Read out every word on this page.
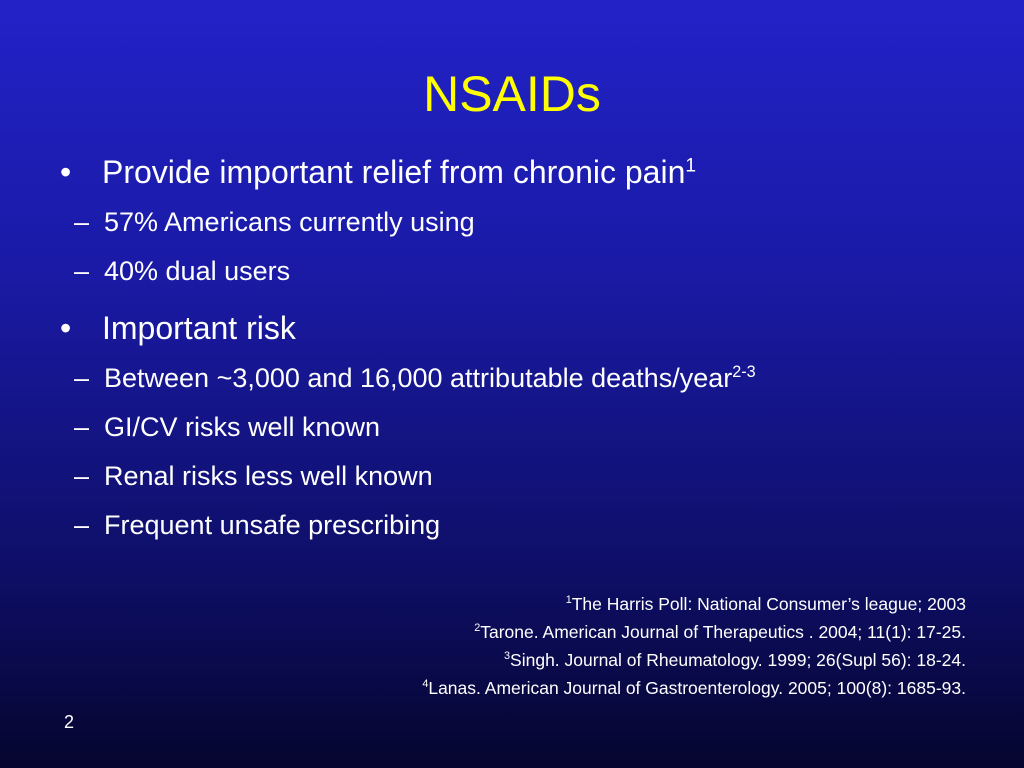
NSAIDs
• Provide important relief from chronic pain$^1$
– 57% Americans currently using
– 40% dual users
• Important risk
– Between ~3,000 and 16,000 attributable deaths/year$^{2-3}$
– GI/CV risks well known
– Renal risks less well known
– Frequent unsafe prescribing
$^1$The Harris Poll: National Consumer’s league; 2003
$^2$Tarone. American Journal of Therapeutics . 2004; 11(1): 17-25.
$^3$Singh. Journal of Rheumatology. 1999; 26(Supl 56): 18-24.
$^4$Lanas. American Journal of Gastroenterology. 2005; 100(8): 1685-93.
2
